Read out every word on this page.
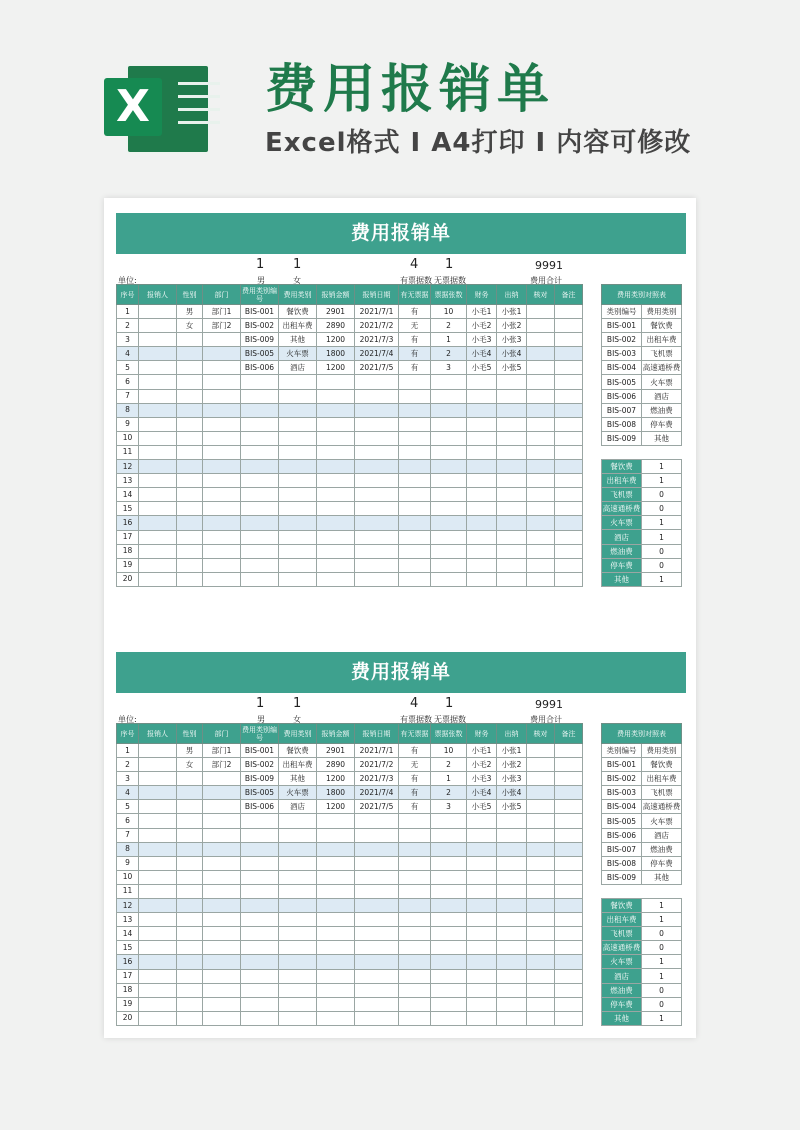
X 费用报销单
Excel格式 I A4打印 I 内容可修改
费用报销单
1 1	4 1	9991
男	女	有票据数 无票据数	费用合计
单位:
序号	报销人	性别	部门	费用类别编号	费用类别	报销金额	报销日期	有无票据	票据张数	财务	出纳	核对	备注
1		男	部门1	BIS-001	餐饮费	2901	2021/7/1	有	10	小毛1	小张1		
2		女	部门2	BIS-002	出租车费	2890	2021/7/2	无	2	小毛2	小张2		
3				BIS-009	其他	1200	2021/7/3	有	1	小毛3	小张3		
4				BIS-005	火车票	1800	2021/7/4	有	2	小毛4	小张4		
5				BIS-006	酒店	1200	2021/7/5	有	3	小毛5	小张5		
6													
7													
8													
9													
10													
11													
12													
13													
14													
15													
16													
17													
18													
19													
20													
费用类别对照表	
类别编号	费用类别
BIS-001	餐饮费
BIS-002	出租车费
BIS-003	飞机票
BIS-004	高速通桥费
BIS-005	火车票
BIS-006	酒店
BIS-007	燃油费
BIS-008	停车费
BIS-009	其他
餐饮费	1
出租车费	1
飞机票	0
高速通桥费	0
火车票	1
酒店	1
燃油费	0
停车费	0
其他	1
费用报销单
1 1	4 1	9991
男	女	有票据数 无票据数	费用合计
单位:
序号	报销人	性别	部门	费用类别编号	费用类别	报销金额	报销日期	有无票据	票据张数	财务	出纳	核对	备注
1		男	部门1	BIS-001	餐饮费	2901	2021/7/1	有	10	小毛1	小张1		
2		女	部门2	BIS-002	出租车费	2890	2021/7/2	无	2	小毛2	小张2		
3				BIS-009	其他	1200	2021/7/3	有	1	小毛3	小张3		
4				BIS-005	火车票	1800	2021/7/4	有	2	小毛4	小张4		
5				BIS-006	酒店	1200	2021/7/5	有	3	小毛5	小张5		
6													
7													
8													
9													
10													
11													
12													
13													
14													
15													
16													
17													
18													
19													
20													
费用类别对照表	
类别编号	费用类别
BIS-001	餐饮费
BIS-002	出租车费
BIS-003	飞机票
BIS-004	高速通桥费
BIS-005	火车票
BIS-006	酒店
BIS-007	燃油费
BIS-008	停车费
BIS-009	其他
餐饮费	1
出租车费	1
飞机票	0
高速通桥费	0
火车票	1
酒店	1
燃油费	0
停车费	0
其他	1
